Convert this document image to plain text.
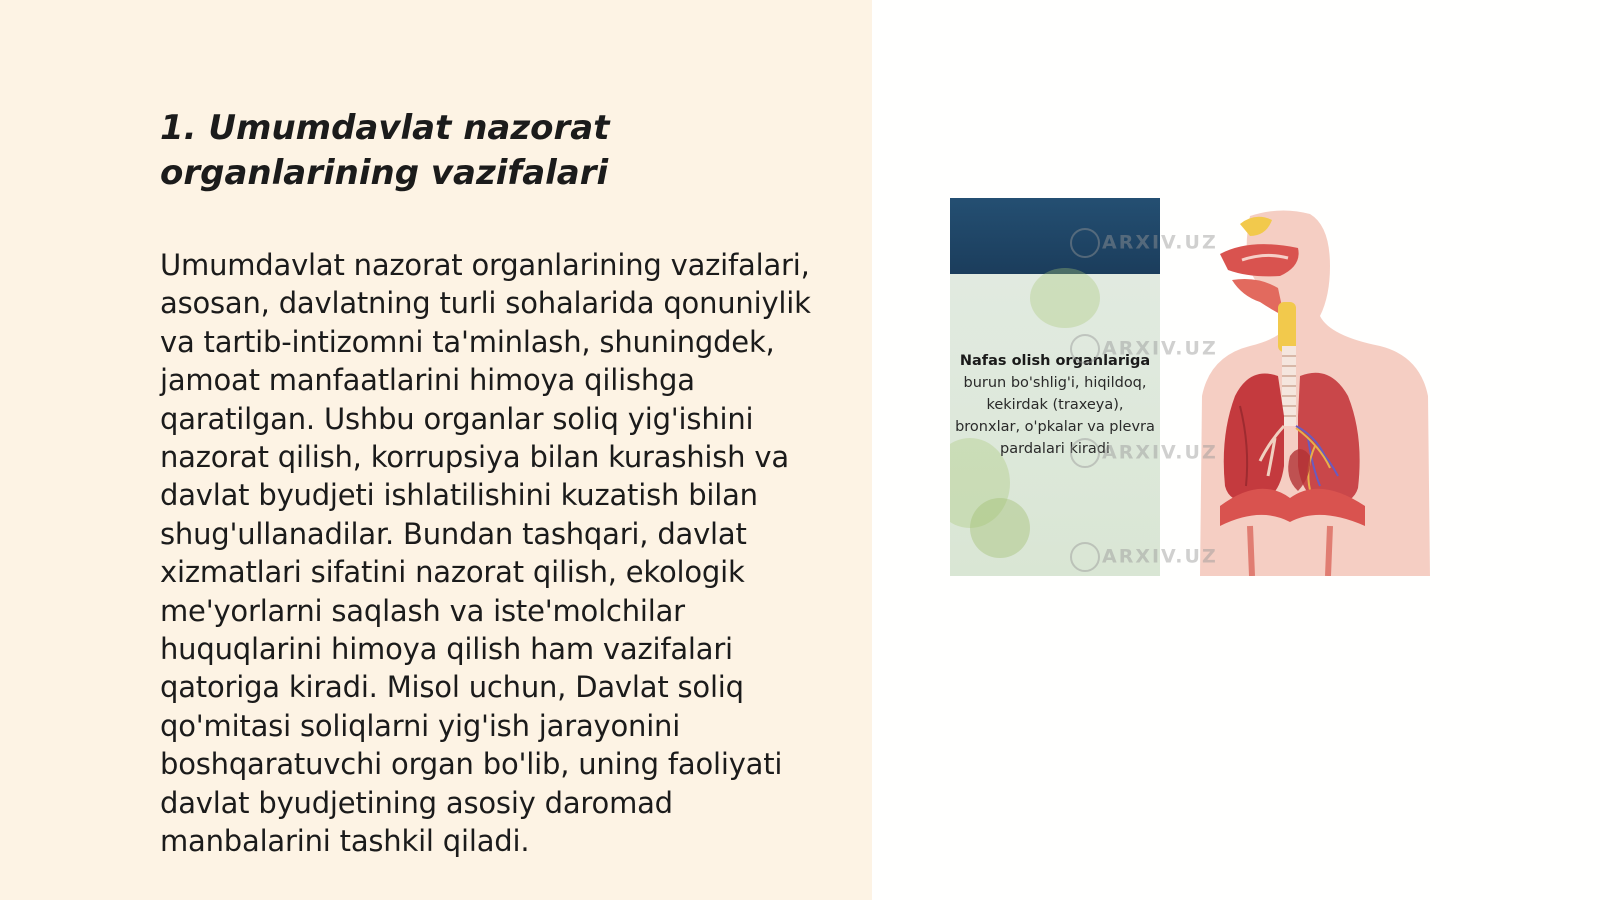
1. Umumdavlat nazorat organlarining vazifalari

Umumdavlat nazorat organlarining vazifalari, asosan, davlatning turli sohalarida qonuniylik va tartib-intizomni ta'minlash, shuningdek, jamoat manfaatlarini himoya qilishga qaratilgan. Ushbu organlar soliq yig'ishini nazorat qilish, korrupsiya bilan kurashish va davlat byudjeti ishlatilishini kuzatish bilan shug'ullanadilar. Bundan tashqari, davlat xizmatlari sifatini nazorat qilish, ekologik me'yorlarni saqlash va iste'molchilar huquqlarini himoya qilish ham vazifalari qatoriga kiradi. Misol uchun, Davlat soliq qo'mitasi soliqlarni yig'ish jarayonini boshqaratuvchi organ bo'lib, uning faoliyati davlat byudjetining asosiy daromad manbalarini tashkil qiladi.

Nafas olish organlariga burun bo'shlig'i, hiqildoq, kekirdak (traxeya), bronxlar, o'pkalar va plevra pardalari kiradi

ARXIV.UZ
ARXIV.UZ
ARXIV.UZ
ARXIV.UZ
